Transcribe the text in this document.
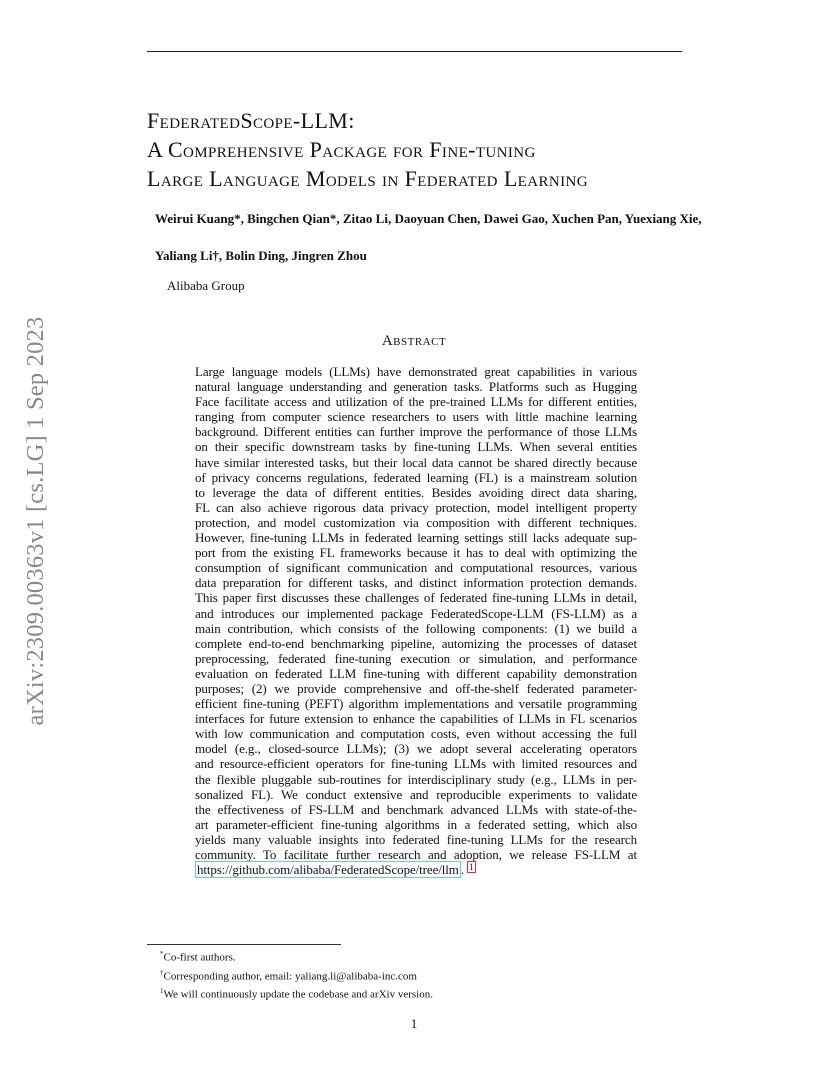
arXiv:2309.00363v1 [cs.LG] 1 Sep 2023
FederatedScope-LLM:
A Comprehensive Package for Fine-tuning
Large Language Models in Federated Learning
Weirui Kuang*, Bingchen Qian*, Zitao Li, Daoyuan Chen, Dawei Gao, Xuchen Pan, Yuexiang Xie,
Yaliang Li†, Bolin Ding, Jingren Zhou
Alibaba Group
Abstract
Large language models (LLMs) have demonstrated great capabilities in various
natural language understanding and generation tasks. Platforms such as Hugging
Face facilitate access and utilization of the pre-trained LLMs for different entities,
ranging from computer science researchers to users with little machine learning
background. Different entities can further improve the performance of those LLMs
on their specific downstream tasks by fine-tuning LLMs. When several entities
have similar interested tasks, but their local data cannot be shared directly because
of privacy concerns regulations, federated learning (FL) is a mainstream solution
to leverage the data of different entities. Besides avoiding direct data sharing,
FL can also achieve rigorous data privacy protection, model intelligent property
protection, and model customization via composition with different techniques.
However, fine-tuning LLMs in federated learning settings still lacks adequate sup-
port from the existing FL frameworks because it has to deal with optimizing the
consumption of significant communication and computational resources, various
data preparation for different tasks, and distinct information protection demands.
This paper first discusses these challenges of federated fine-tuning LLMs in detail,
and introduces our implemented package FederatedScope-LLM (FS-LLM) as a
main contribution, which consists of the following components: (1) we build a
complete end-to-end benchmarking pipeline, automizing the processes of dataset
preprocessing, federated fine-tuning execution or simulation, and performance
evaluation on federated LLM fine-tuning with different capability demonstration
purposes; (2) we provide comprehensive and off-the-shelf federated parameter-
efficient fine-tuning (PEFT) algorithm implementations and versatile programming
interfaces for future extension to enhance the capabilities of LLMs in FL scenarios
with low communication and computation costs, even without accessing the full
model (e.g., closed-source LLMs); (3) we adopt several accelerating operators
and resource-efficient operators for fine-tuning LLMs with limited resources and
the flexible pluggable sub-routines for interdisciplinary study (e.g., LLMs in per-
sonalized FL). We conduct extensive and reproducible experiments to validate
the effectiveness of FS-LLM and benchmark advanced LLMs with state-of-the-
art parameter-efficient fine-tuning algorithms in a federated setting, which also
yields many valuable insights into federated fine-tuning LLMs for the research
community. To facilitate further research and adoption, we release FS-LLM at
https://github.com/alibaba/FederatedScope/tree/llm . $^1$
*Co-first authors.
†Corresponding author, email: yaliang.li@alibaba-inc.com
$^1$We will continuously update the codebase and arXiv version.
1
